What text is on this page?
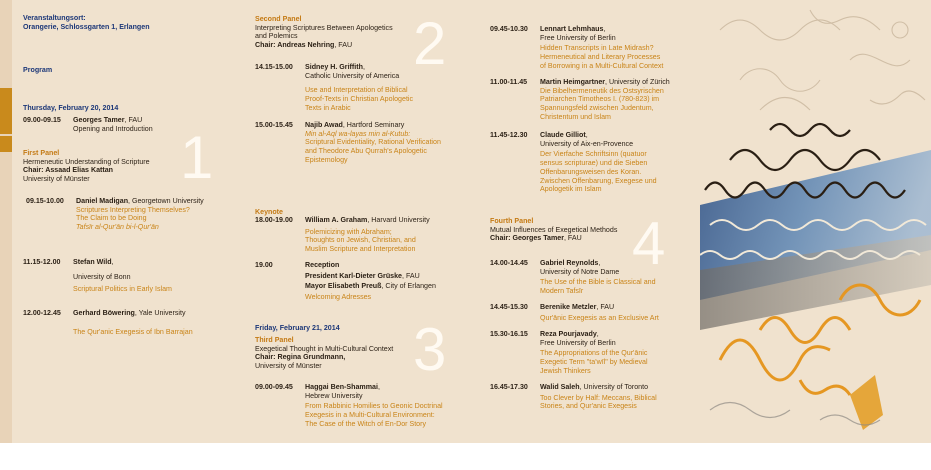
1
2
3
4
Veranstaltungsort:
Orangerie, Schlossgarten 1, Erlangen
Program
Thursday, February 20, 2014
09.00-09.15	Georges Tamer, FAU
Opening and Introduction
First Panel
Hermeneutic Understanding of Scripture
Chair: Assaad Elias Kattan
University of Münster
09.15-10.00	Daniel Madigan, Georgetown University
Scriptures Interpreting Themselves?
The Claim to be Doing
Tafsīr al-Qur'ān bi-l-Qur'ān
11.15-12.00	Stefan Wild,

University of Bonn

Scriptural Politics in Early Islam
12.00-12.45	Gerhard Böwering, Yale University

The Qur'anic Exegesis of Ibn Barrajan
Second Panel
Interpreting Scriptures Between Apologetics
and Polemics
Chair: Andreas Nehring, FAU
14.15-15.00	Sidney H. Griffith,
Catholic University of America

Use and Interpretation of Biblical
Proof-Texts in Christian Apologetic
Texts in Arabic
15.00-15.45	Najib Awad, Hartford Seminary
Min al-Aql wa-layas min al-Kutub:
Scriptural Evidentiality, Rational Verification
and Theodore Abu Qurrah's Apologetic
Epistemology
Keynote
18.00-19.00	William A. Graham, Harvard University

Polemicizing with Abraham;
Thoughts on Jewish, Christian, and
Muslim Scripture and Interpretation
19.00	Reception

President Karl-Dieter Grüske, FAU

Mayor Elisabeth Preuß, City of Erlangen

Welcoming Adresses
Friday, February 21, 2014
Third Panel
Exegetical Thought in Multi-Cultural Context
Chair: Regina Grundmann,
University of Münster
09.00-09.45	Haggai Ben-Shammai,
Hebrew University

From Rabbinic Homilies to Geonic Doctrinal
Exegesis in a Multi-Cultural Environment:
The Case of the Witch of En-Dor Story
09.45-10.30	Lennart Lehmhaus,
Free University of Berlin

Hidden Transcripts in Late Midrash?
Hermeneutical and Literary Processes
of Borrowing in a Multi-Cultural Context
11.00-11.45	Martin Heimgartner, University of Zürich
Die Bibelhermeneutik des Ostsyrischen
Patriarchen Timotheos I. (780-823) im
Spannungsfeld zwischen Judentum,
Christentum und Islam
11.45-12.30	Claude Gilliot,
University of Aix-en-Provence

Der Vierfache Schriftsinn (quatuor
sensus scripturae) und die Sieben
Offenbarungsweisen des Koran.
Zwischen Offenbarung, Exegese und
Apologetik im Islam
Fourth Panel
Mutual Influences of Exegetical Methods
Chair: Georges Tamer, FAU
14.00-14.45	Gabriel Reynolds,
University of Notre Dame

The Use of the Bible is Classical and
Modern Tafsīr
14.45-15.30	Berenike Metzler, FAU

Qur'ānic Exegesis as an Exclusive Art
15.30-16.15	Reza Pourjavady,
Free University of Berlin

The Appropriations of the Qur'ānic
Exegetic Term "ta'wīl" by Medieval
Jewish Thinkers
16.45-17.30	Walid Saleh, University of Toronto

Too Clever by Half: Meccans, Biblical
Stories, and Qur'anic Exegesis
